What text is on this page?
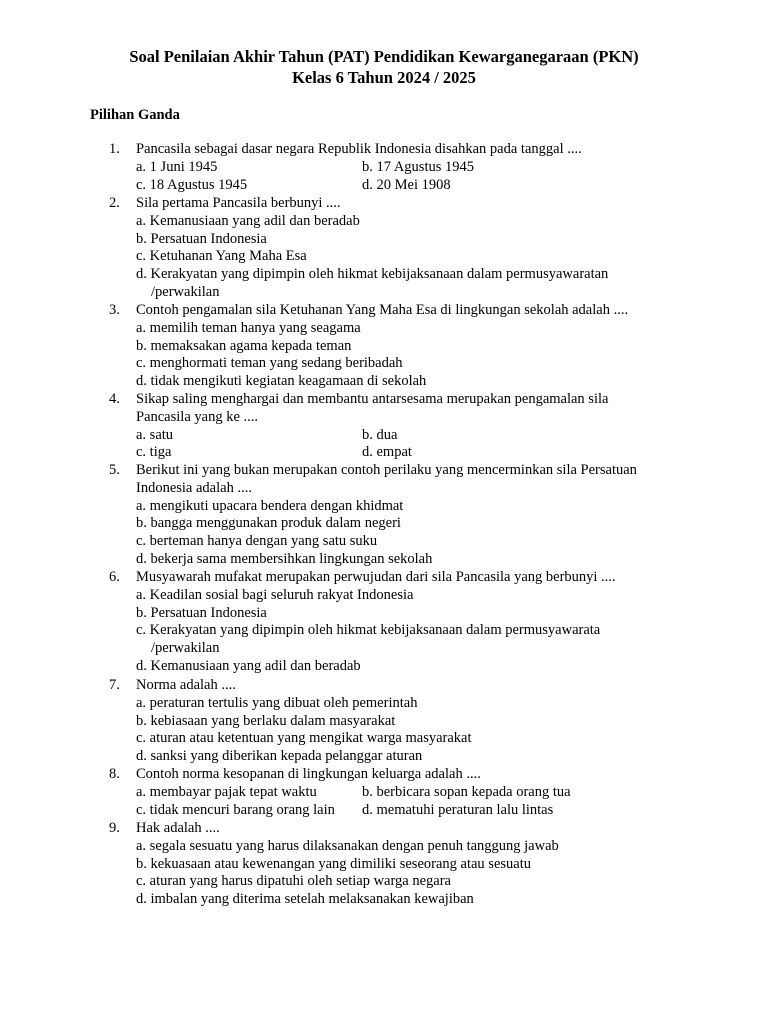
Soal Penilaian Akhir Tahun (PAT) Pendidikan Kewarganegaraan (PKN)
Kelas 6 Tahun 2024 / 2025
Pilihan Ganda
1. Pancasila sebagai dasar negara Republik Indonesia disahkan pada tanggal ....
a. 1 Juni 1945	b. 17 Agustus 1945
c. 18 Agustus 1945	d. 20 Mei 1908
2. Sila pertama Pancasila berbunyi ....
a. Kemanusiaan yang adil dan beradab
b. Persatuan Indonesia
c. Ketuhanan Yang Maha Esa
d. Kerakyatan yang dipimpin oleh hikmat kebijaksanaan dalam permusyawaratan
/perwakilan
3. Contoh pengamalan sila Ketuhanan Yang Maha Esa di lingkungan sekolah adalah ....
a. memilih teman hanya yang seagama
b. memaksakan agama kepada teman
c. menghormati teman yang sedang beribadah
d. tidak mengikuti kegiatan keagamaan di sekolah
4. Sikap saling menghargai dan membantu antarsesama merupakan pengamalan sila Pancasila yang ke ....
a. satu	b. dua
c. tiga	d. empat
5. Berikut ini yang bukan merupakan contoh perilaku yang mencerminkan sila Persatuan Indonesia adalah ....
a. mengikuti upacara bendera dengan khidmat
b. bangga menggunakan produk dalam negeri
c. berteman hanya dengan yang satu suku
d. bekerja sama membersihkan lingkungan sekolah
6. Musyawarah mufakat merupakan perwujudan dari sila Pancasila yang berbunyi ....
a. Keadilan sosial bagi seluruh rakyat Indonesia
b. Persatuan Indonesia
c. Kerakyatan yang dipimpin oleh hikmat kebijaksanaan dalam permusyawarata
/perwakilan
d. Kemanusiaan yang adil dan beradab
7. Norma adalah ....
a. peraturan tertulis yang dibuat oleh pemerintah
b. kebiasaan yang berlaku dalam masyarakat
c. aturan atau ketentuan yang mengikat warga masyarakat
d. sanksi yang diberikan kepada pelanggar aturan
8. Contoh norma kesopanan di lingkungan keluarga adalah ....
a. membayar pajak tepat waktu	b. berbicara sopan kepada orang tua
c. tidak mencuri barang orang lain	d. mematuhi peraturan lalu lintas
9. Hak adalah ....
a. segala sesuatu yang harus dilaksanakan dengan penuh tanggung jawab
b. kekuasaan atau kewenangan yang dimiliki seseorang atau sesuatu
c. aturan yang harus dipatuhi oleh setiap warga negara
d. imbalan yang diterima setelah melaksanakan kewajiban
